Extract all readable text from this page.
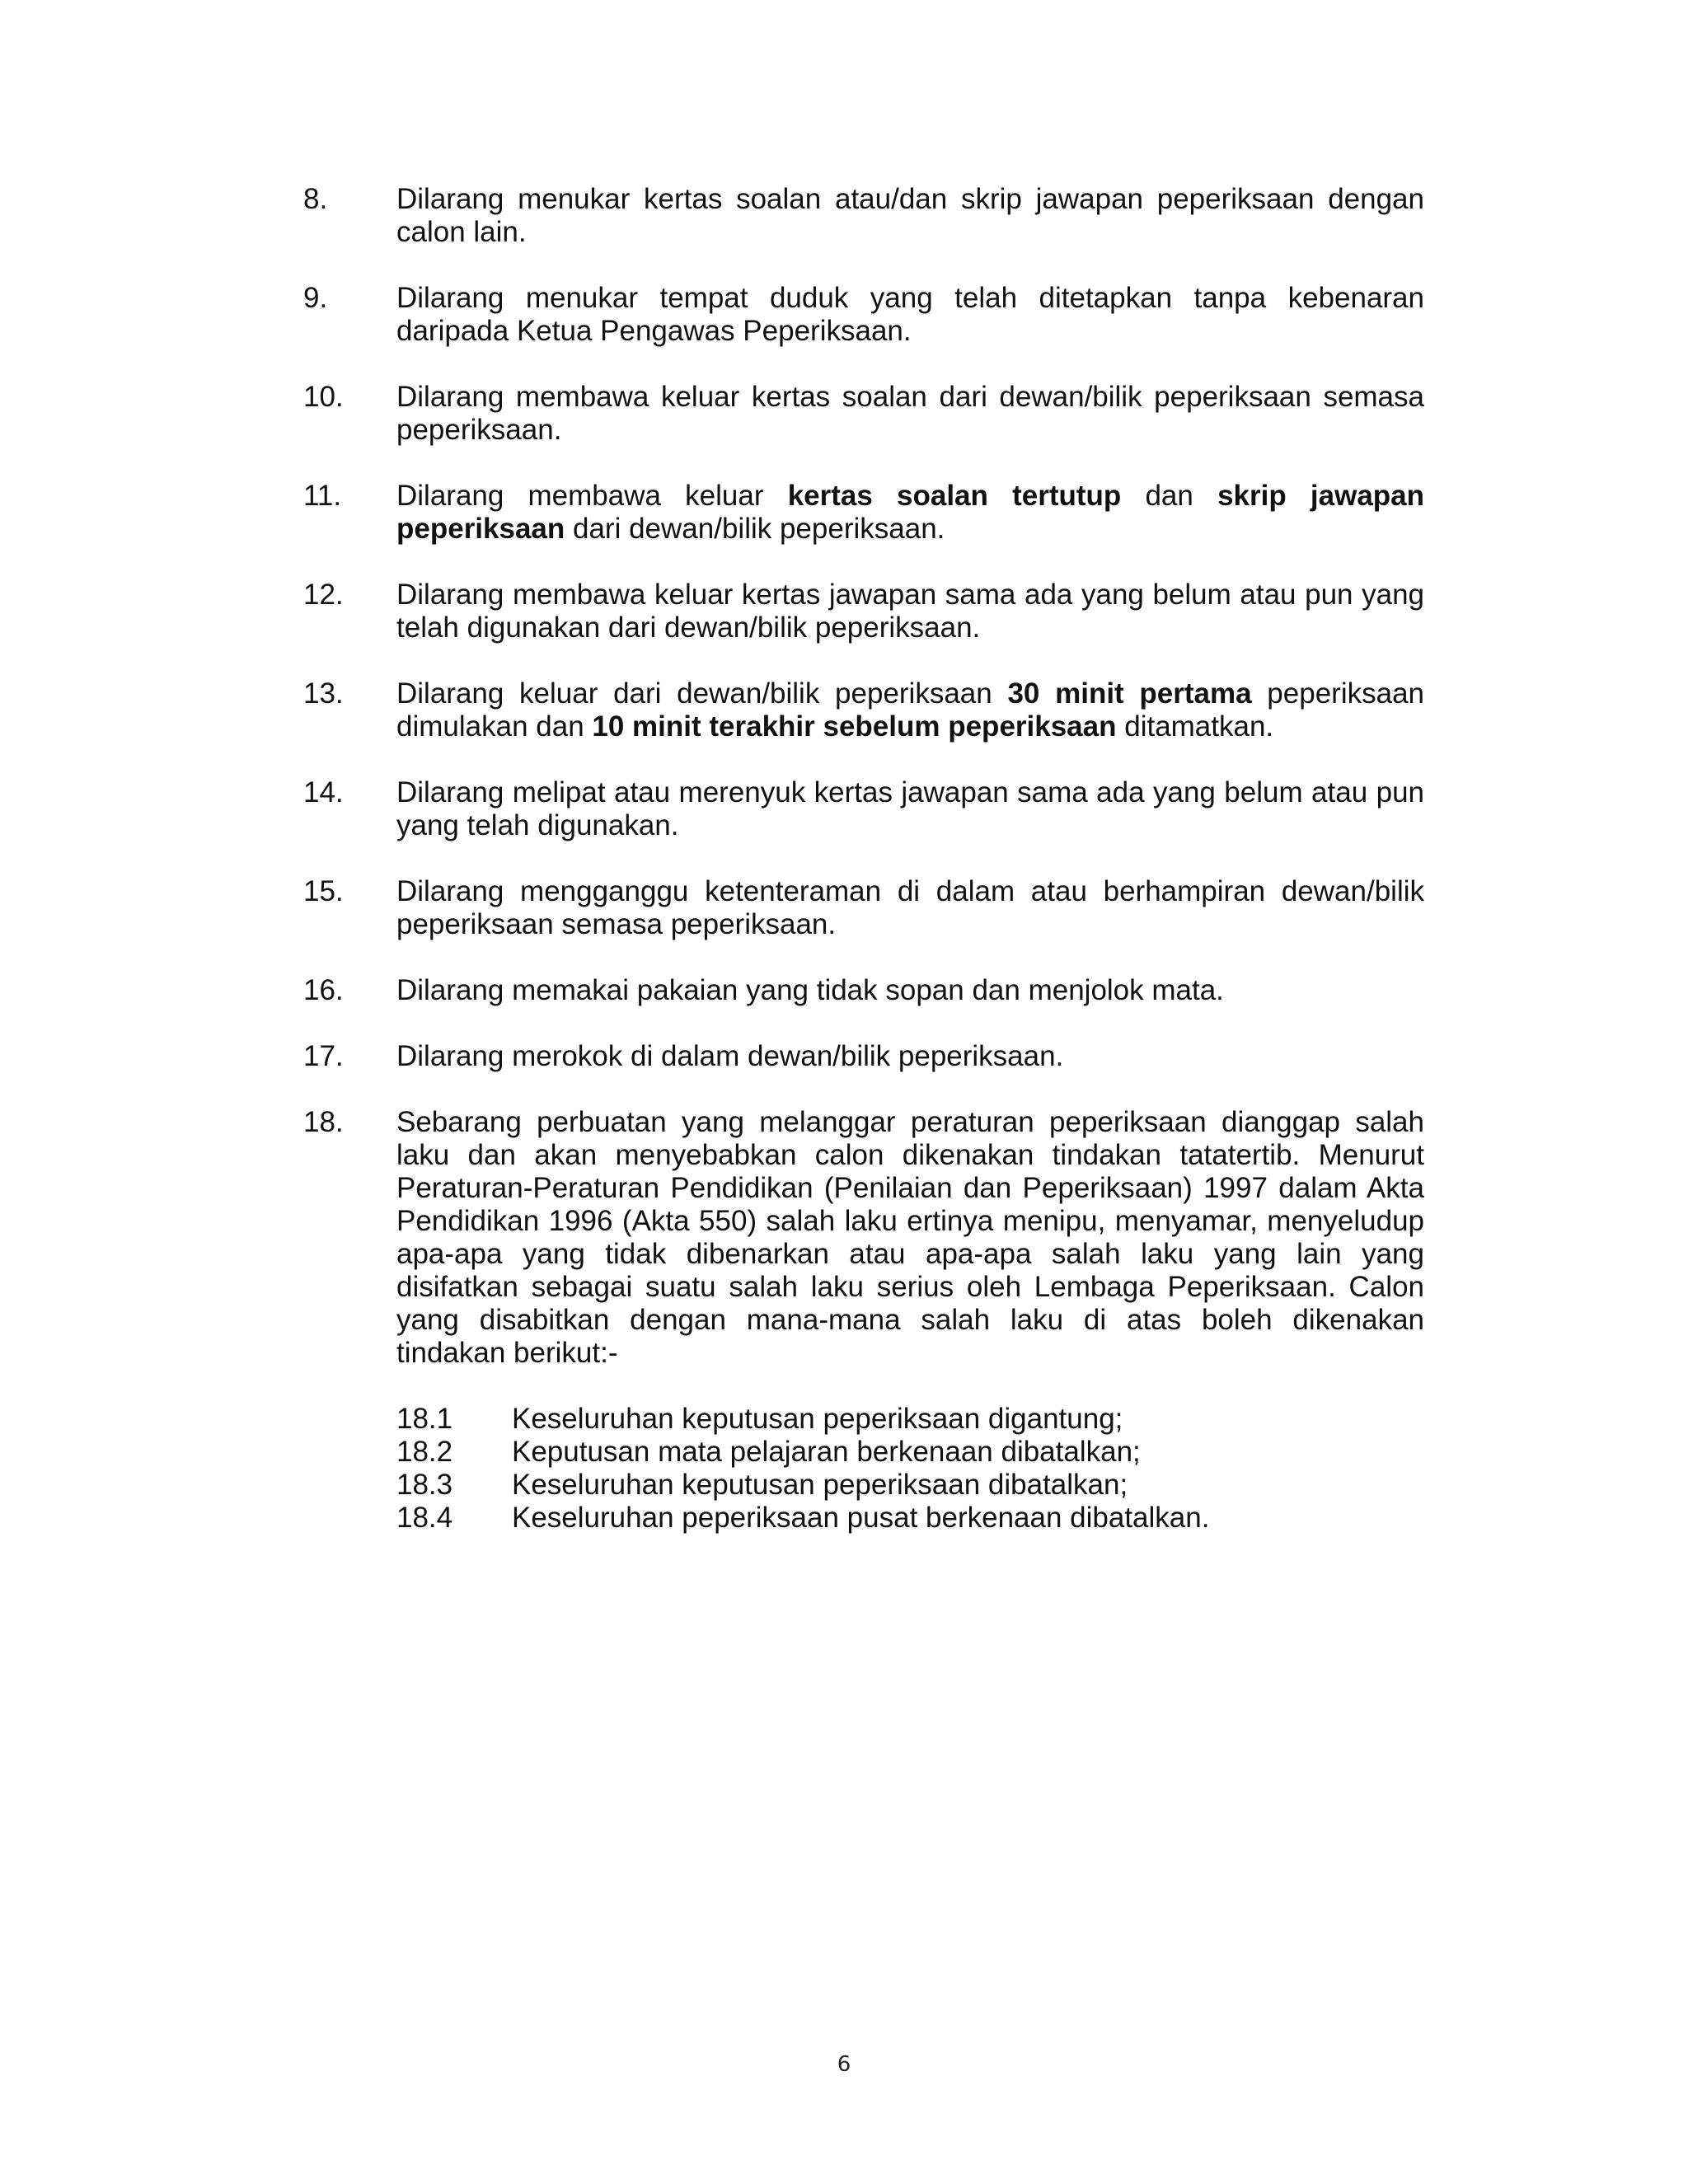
8.	Dilarang menukar kertas soalan atau/dan skrip jawapan peperiksaan dengan calon lain.
9.	Dilarang menukar tempat duduk yang telah ditetapkan tanpa kebenaran daripada Ketua Pengawas Peperiksaan.
10.	Dilarang membawa keluar kertas soalan dari dewan/bilik peperiksaan semasa peperiksaan.
11.	Dilarang membawa keluar kertas soalan tertutup dan skrip jawapan peperiksaan dari dewan/bilik peperiksaan.
12.	Dilarang membawa keluar kertas jawapan sama ada yang belum atau pun yang telah digunakan dari dewan/bilik peperiksaan.
13.	Dilarang keluar dari dewan/bilik peperiksaan 30 minit pertama peperiksaan dimulakan dan 10 minit terakhir sebelum peperiksaan ditamatkan.
14.	Dilarang melipat atau merenyuk kertas jawapan sama ada yang belum atau pun yang telah digunakan.
15.	Dilarang mengganggu ketenteraman di dalam atau berhampiran dewan/bilik peperiksaan semasa peperiksaan.
16.	Dilarang memakai pakaian yang tidak sopan dan menjolok mata.
17.	Dilarang merokok di dalam dewan/bilik peperiksaan.
18.	Sebarang perbuatan yang melanggar peraturan peperiksaan dianggap salah laku dan akan menyebabkan calon dikenakan tindakan tatatertib. Menurut Peraturan-Peraturan Pendidikan (Penilaian dan Peperiksaan) 1997 dalam Akta Pendidikan 1996 (Akta 550) salah laku ertinya menipu, menyamar, menyeludup apa-apa yang tidak dibenarkan atau apa-apa salah laku yang lain yang disifatkan sebagai suatu salah laku serius oleh Lembaga Peperiksaan. Calon yang disabitkan dengan mana-mana salah laku di atas boleh dikenakan tindakan berikut:-
18.1	Keseluruhan keputusan peperiksaan digantung;
18.2	Keputusan mata pelajaran berkenaan dibatalkan;
18.3	Keseluruhan keputusan peperiksaan dibatalkan;
18.4	Keseluruhan peperiksaan pusat berkenaan dibatalkan.
6
